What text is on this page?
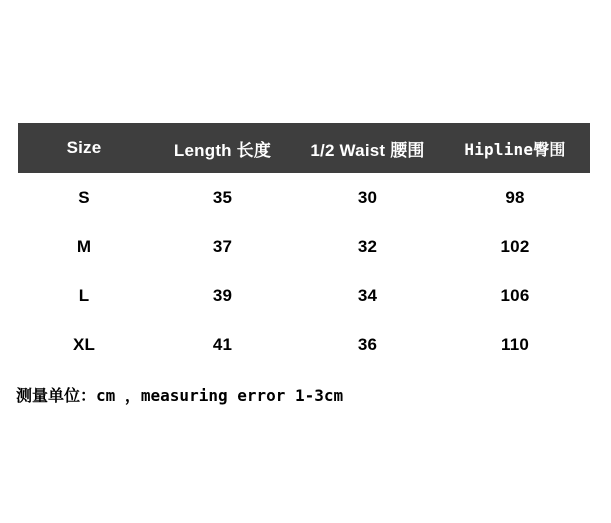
Size	Length 长度	1/2 Waist 腰围	Hipline臀围
S	35	30	98
M	37	32	102
L	39	34	106
XL	41	36	110
测量单位：cm ，measuring error 1-3cm
